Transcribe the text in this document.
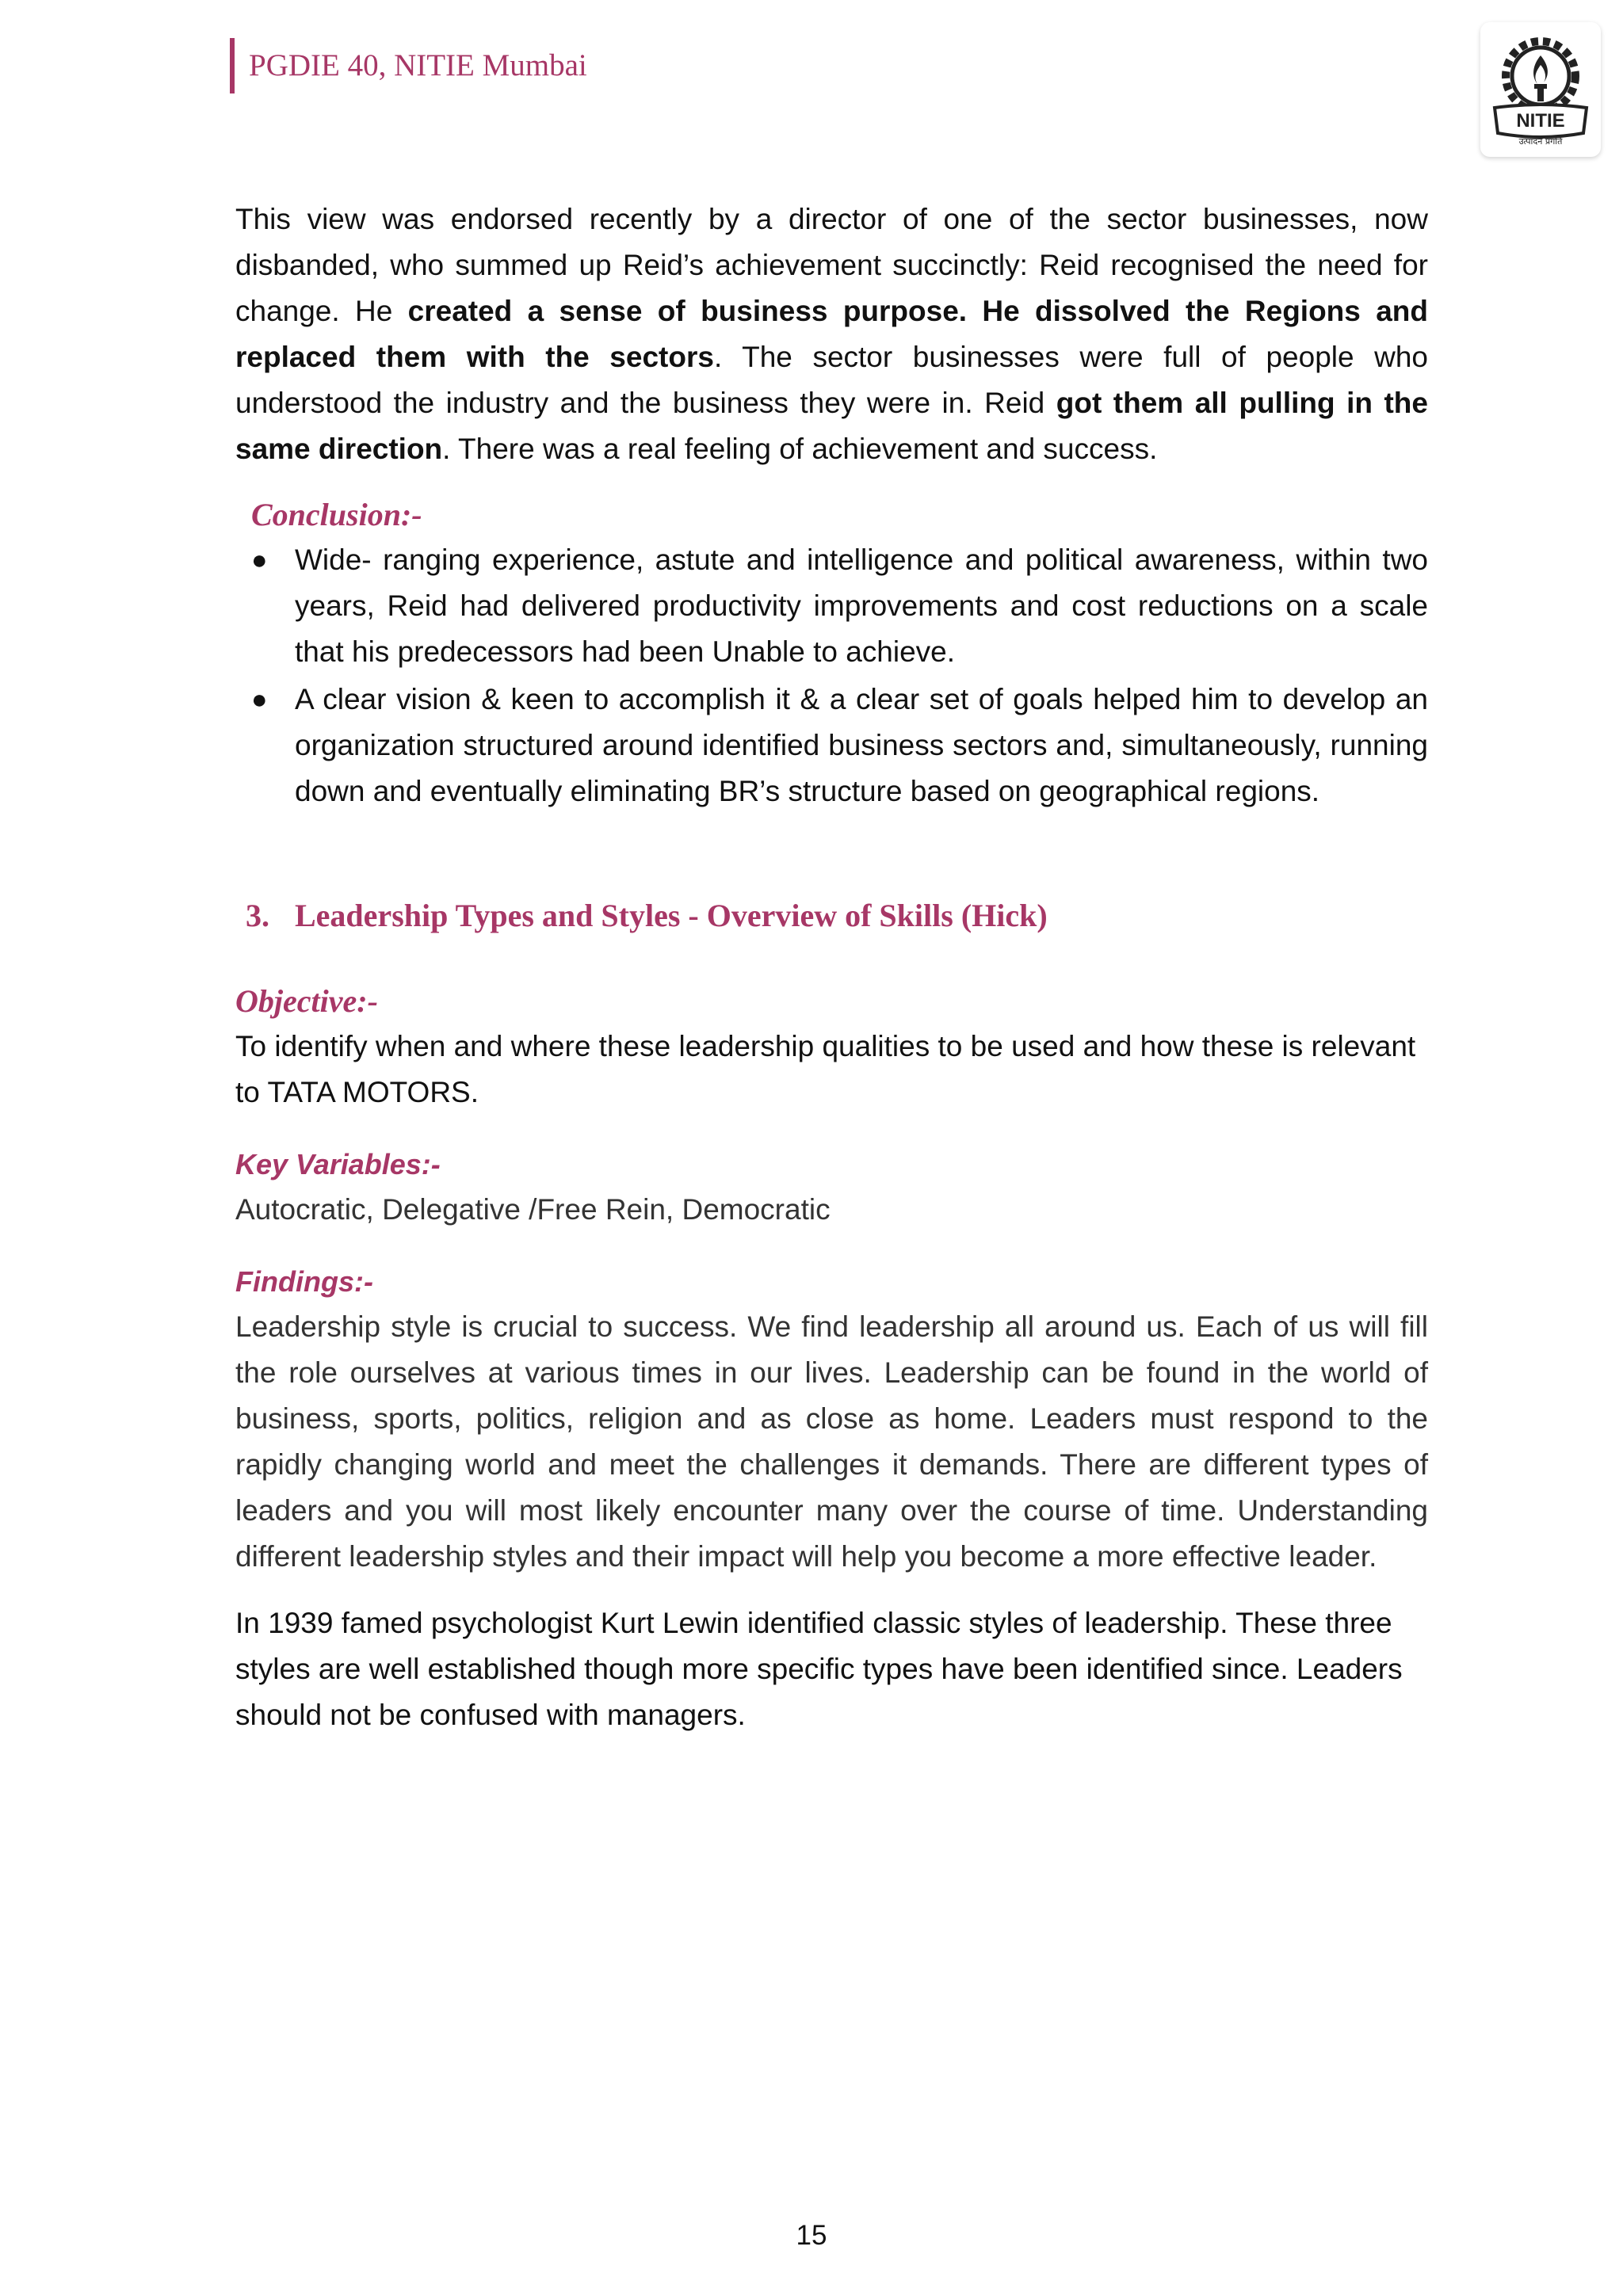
PGDIE 40, NITIE Mumbai
NITIE
उत्पादन प्रगति

This view was endorsed recently by a director of one of the sector businesses, now disbanded, who summed up Reid’s achievement succinctly: Reid recognised the need for change. He created a sense of business purpose. He dissolved the Regions and replaced them with the sectors. The sector businesses were full of people who understood the industry and the business they were in. Reid got them all pulling in the same direction. There was a real feeling of achievement and success.

Conclusion:-

● Wide- ranging experience, astute and intelligence and political awareness, within two years, Reid had delivered productivity improvements and cost reductions on a scale that his predecessors had been Unable to achieve.
● A clear vision & keen to accomplish it & a clear set of goals helped him to develop an organization structured around identified business sectors and, simultaneously, running down and eventually eliminating BR’s structure based on geographical regions.

3. Leadership Types and Styles - Overview of Skills (Hick)

Objective:-

To identify when and where these leadership qualities to be used and how these is relevant to TATA MOTORS.

Key Variables:-

Autocratic, Delegative /Free Rein, Democratic

Findings:-

Leadership style is crucial to success. We find leadership all around us. Each of us will fill the role ourselves at various times in our lives. Leadership can be found in the world of business, sports, politics, religion and as close as home. Leaders must respond to the rapidly changing world and meet the challenges it demands. There are different types of leaders and you will most likely encounter many over the course of time. Understanding different leadership styles and their impact will help you become a more effective leader.

In 1939 famed psychologist Kurt Lewin identified classic styles of leadership. These three styles are well established though more specific types have been identified since. Leaders should not be confused with managers.

15
